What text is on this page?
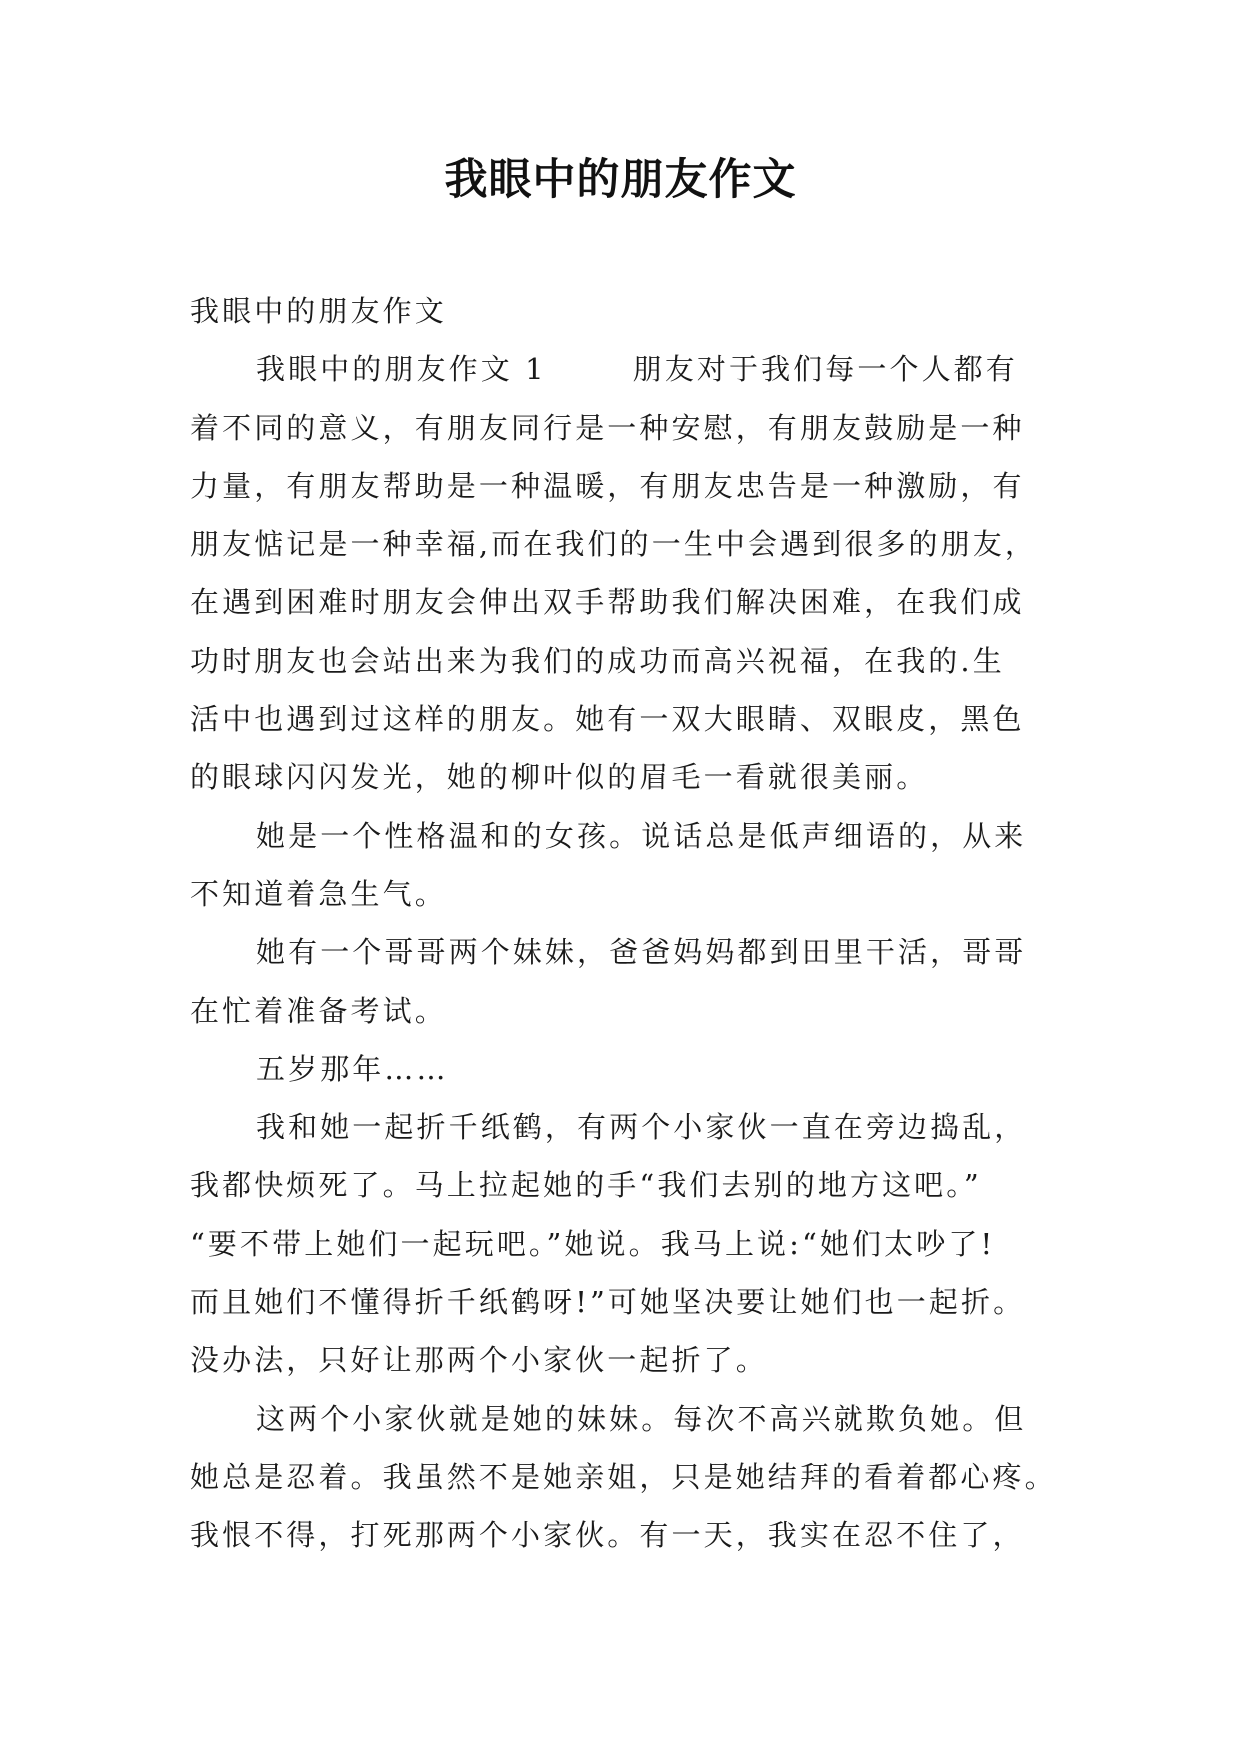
我眼中的朋友作文
我眼中的朋友作文
我眼中的朋友作文 1	朋友对于我们每一个人都有
着不同的意义，有朋友同行是一种安慰，有朋友鼓励是一种
力量，有朋友帮助是一种温暖，有朋友忠告是一种激励，有
朋友惦记是一种幸福,而在我们的一生中会遇到很多的朋友，
在遇到困难时朋友会伸出双手帮助我们解决困难，在我们成
功时朋友也会站出来为我们的成功而高兴祝福，在我的.生
活中也遇到过这样的朋友。她有一双大眼睛、双眼皮，黑色
的眼球闪闪发光，她的柳叶似的眉毛一看就很美丽。
她是一个性格温和的女孩。说话总是低声细语的，从来
不知道着急生气。
她有一个哥哥两个妹妹，爸爸妈妈都到田里干活，哥哥
在忙着准备考试。
五岁那年……
我和她一起折千纸鹤，有两个小家伙一直在旁边捣乱，
我都快烦死了。马上拉起她的手“我们去别的地方这吧。”
“要不带上她们一起玩吧。”她说。我马上说:“她们太吵了!
而且她们不懂得折千纸鹤呀!”可她坚决要让她们也一起折。
没办法，只好让那两个小家伙一起折了。
这两个小家伙就是她的妹妹。每次不高兴就欺负她。但
她总是忍着。我虽然不是她亲姐，只是她结拜的看着都心疼。
我恨不得，打死那两个小家伙。有一天，我实在忍不住了，
